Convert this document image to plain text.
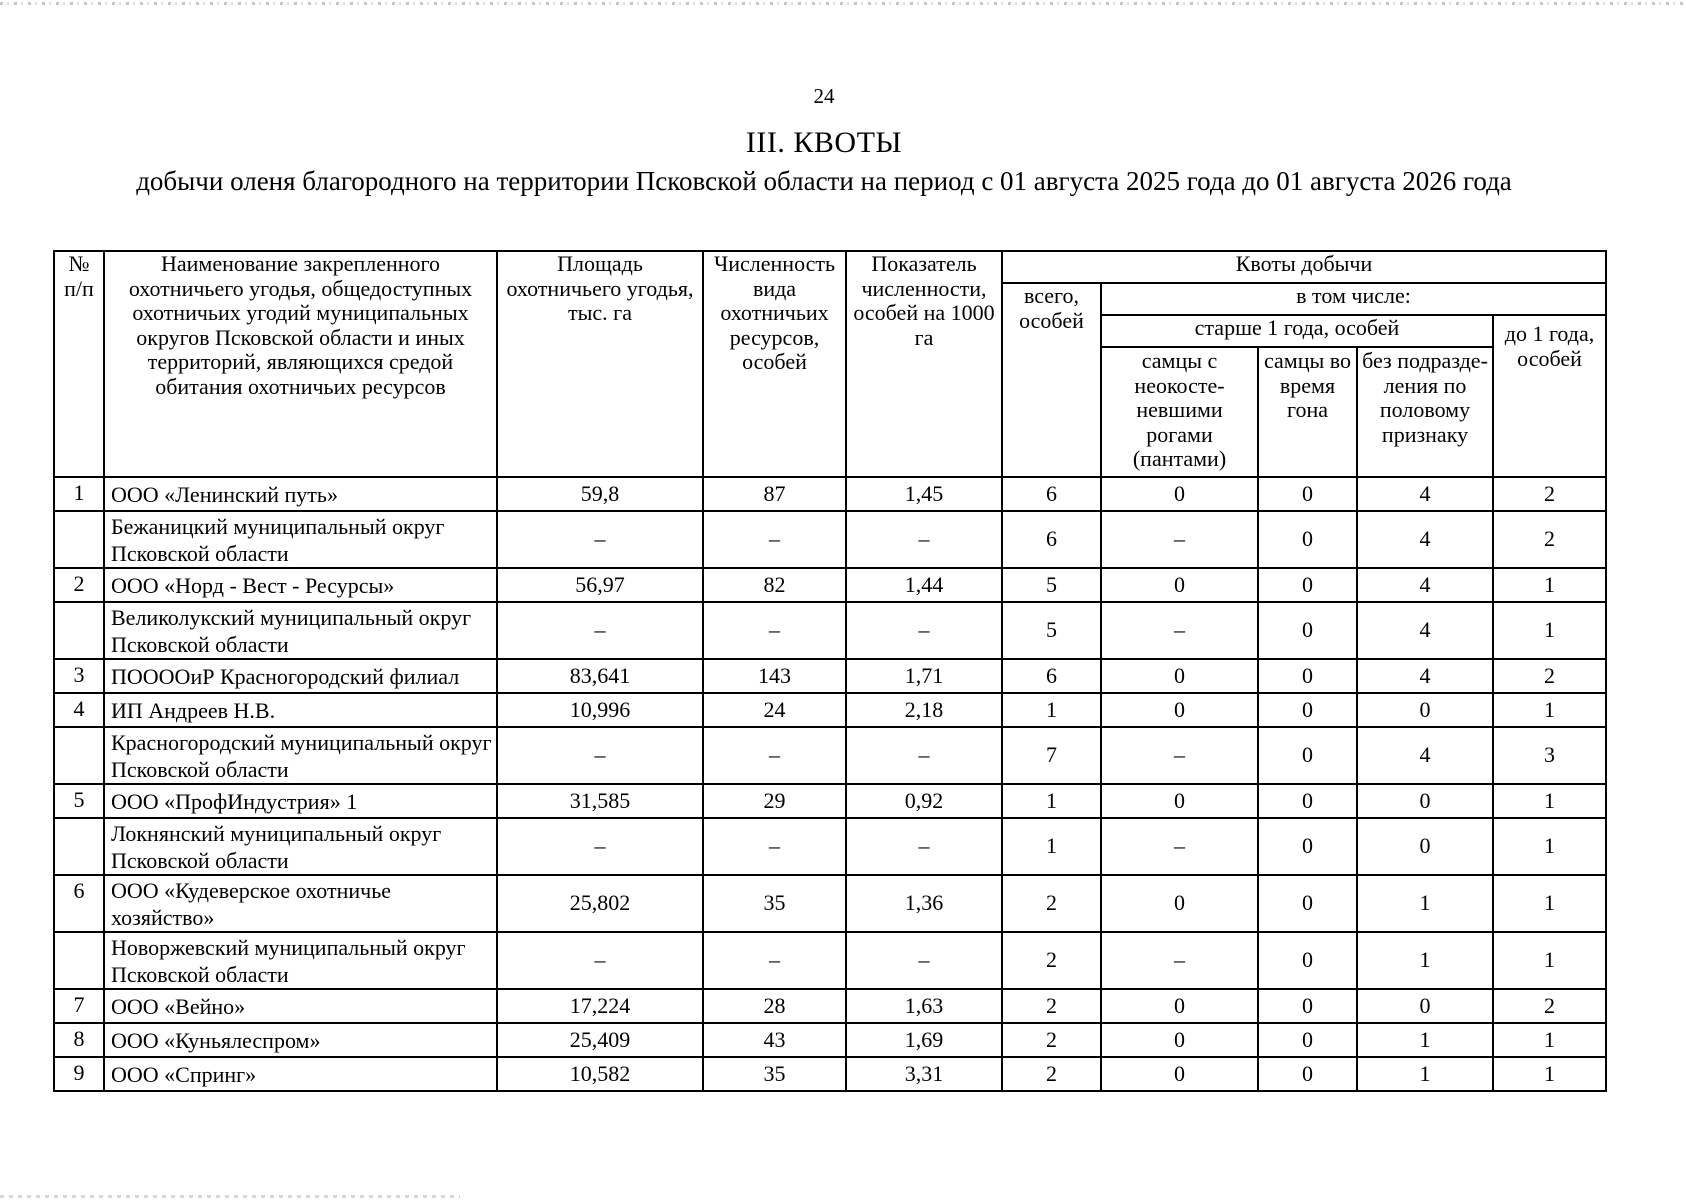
24
III. КВОТЫ
добычи оленя благородного на территории Псковской области на период с 01 августа 2025 года до 01 августа 2026 года
№ п/п	Наименование закрепленного охотничьего угодья, общедоступных охотничьих угодий муниципальных округов Псковской области и иных территорий, являющихся средой обитания охотничьих ресурсов	Площадь охотничьего угодья, тыс. га	Численность вида охотничьих ресурсов, особей	Показатель численности, особей на 1000 га	Квоты добычи				
					всего, особей	в том числе:			
						старше 1 года, особей			до 1 года, особей
						самцы с неокосте- невшими рогами (пантами)	самцы во время гона	без подразде- ления по половому признаку	
1	ООО «Ленинский путь»	59,8	87	1,45	6	0	0	4	2
	Бежаницкий муниципальный округ Псковской области	–	–	–	6	–	0	4	2
2	ООО «Норд - Вест - Ресурсы»	56,97	82	1,44	5	0	0	4	1
	Великолукский муниципальный округ Псковской области	–	–	–	5	–	0	4	1
3	ПООООиР Красногородский филиал	83,641	143	1,71	6	0	0	4	2
4	ИП Андреев Н.В.	10,996	24	2,18	1	0	0	0	1
	Красногородский муниципальный округ Псковской области	–	–	–	7	–	0	4	3
5	ООО «ПрофИндустрия» 1	31,585	29	0,92	1	0	0	0	1
	Локнянский муниципальный округ Псковской области	–	–	–	1	–	0	0	1
6	ООО «Кудеверское охотничье хозяйство»	25,802	35	1,36	2	0	0	1	1
	Новоржевский муниципальный округ Псковской области	–	–	–	2	–	0	1	1
7	ООО «Вейно»	17,224	28	1,63	2	0	0	0	2
8	ООО «Куньялеспром»	25,409	43	1,69	2	0	0	1	1
9	ООО «Спринг»	10,582	35	3,31	2	0	0	1	1
